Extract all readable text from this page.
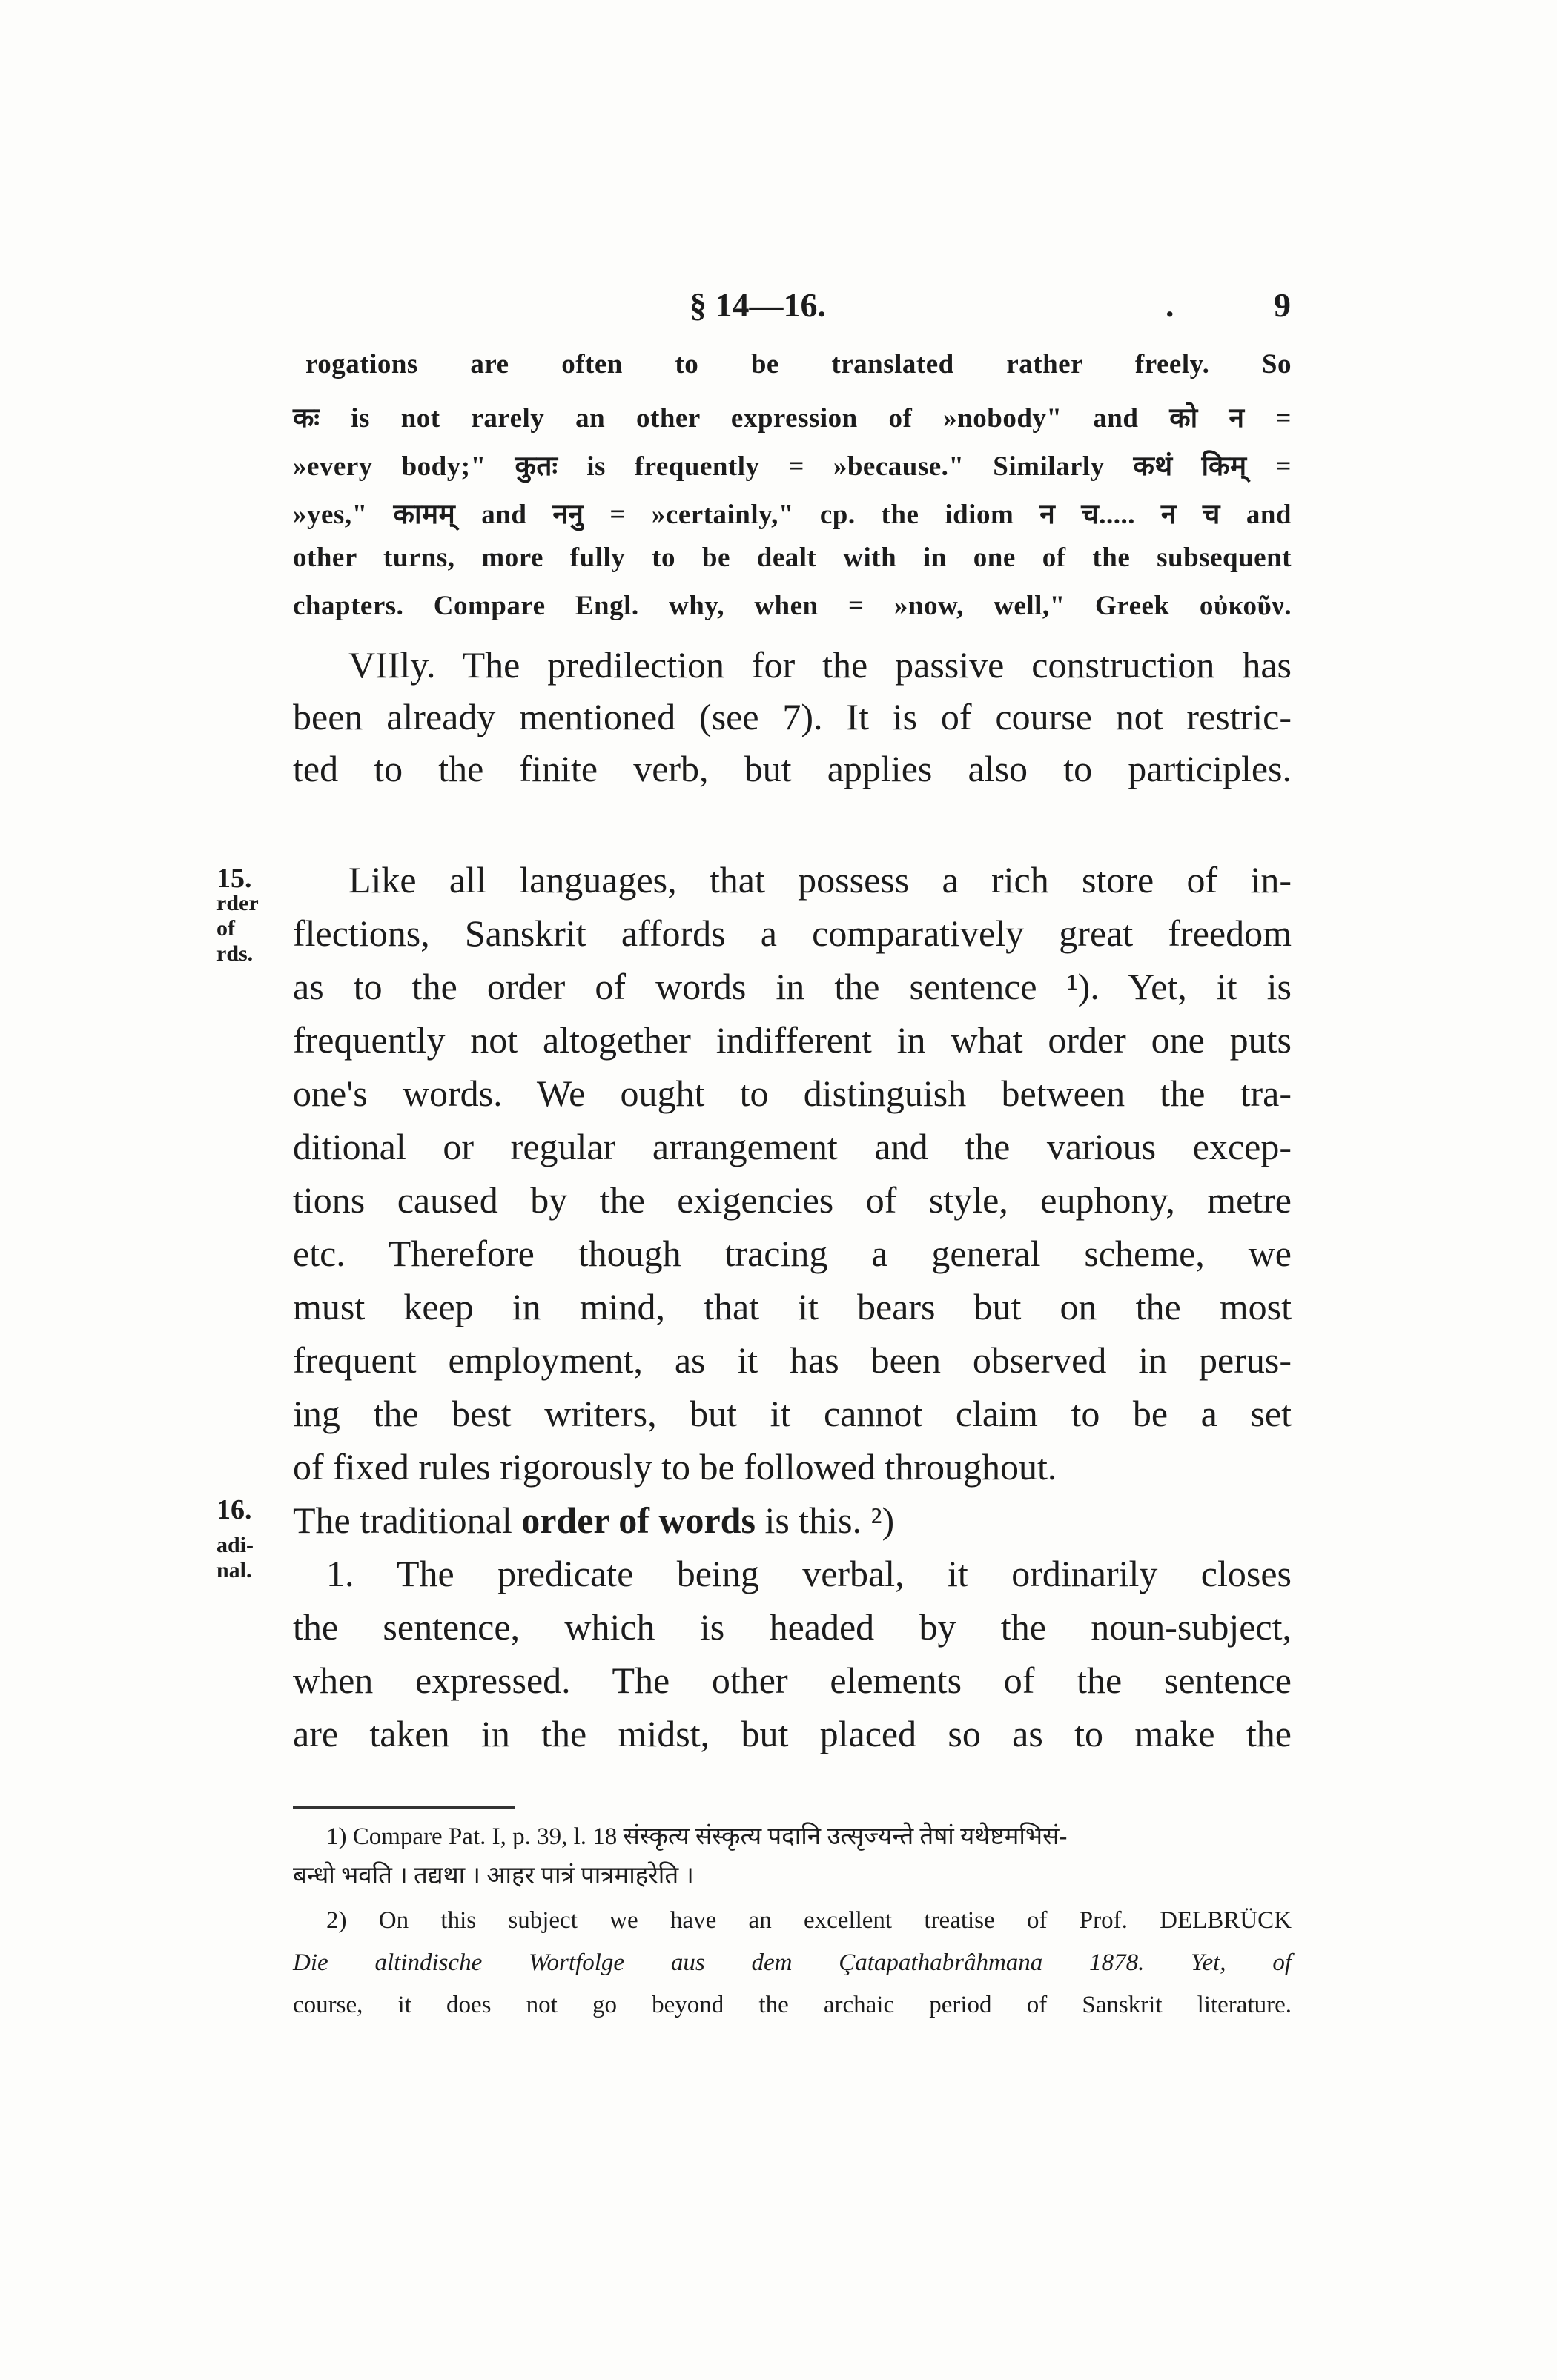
§ 14—16.	.	9
rogations are often to be translated rather freely. So
कः is not rarely an other expression of »nobody" and को न =
»every body;" कुतः is frequently = »because." Similarly कथं किम् =
»yes," कामम् and ननु = »certainly," cp. the idiom न च..... न च and
other turns, more fully to be dealt with in one of the subsequent
chapters. Compare Engl. why, when = »now, well," Greek οὐκοῦν.
VIIly. The predilection for the passive construction has
been already mentioned (see 7). It is of course not restric-
ted to the finite verb, but applies also to participles.
15.
rder
of
rds.
Like all languages, that possess a rich store of in-
flections, Sanskrit affords a comparatively great freedom
as to the order of words in the sentence ¹). Yet, it is
frequently not altogether indifferent in what order one puts
one's words. We ought to distinguish between the tra-
ditional or regular arrangement and the various excep-
tions caused by the exigencies of style, euphony, metre
etc. Therefore though tracing a general scheme, we
must keep in mind, that it bears but on the most
frequent employment, as it has been observed in perus-
ing the best writers, but it cannot claim to be a set
of fixed rules rigorously to be followed throughout.
16.
adi-
nal.
The traditional order of words is this. ²)
1. The predicate being verbal, it ordinarily closes
the sentence, which is headed by the noun-subject,
when expressed. The other elements of the sentence
are taken in the midst, but placed so as to make the
1) Compare Pat. I, p. 39, l. 18 संस्कृत्य संस्कृत्य पदानि उत्सृज्यन्ते तेषां यथेष्टमभिसं-
बन्धो भवति । तद्यथा । आहर पात्रं पात्रमाहरेति ।
2) On this subject we have an excellent treatise of Prof. DELBRÜCK
Die altindische Wortfolge aus dem Çatapathabrâhmana 1878. Yet, of
course, it does not go beyond the archaic period of Sanskrit literature.
